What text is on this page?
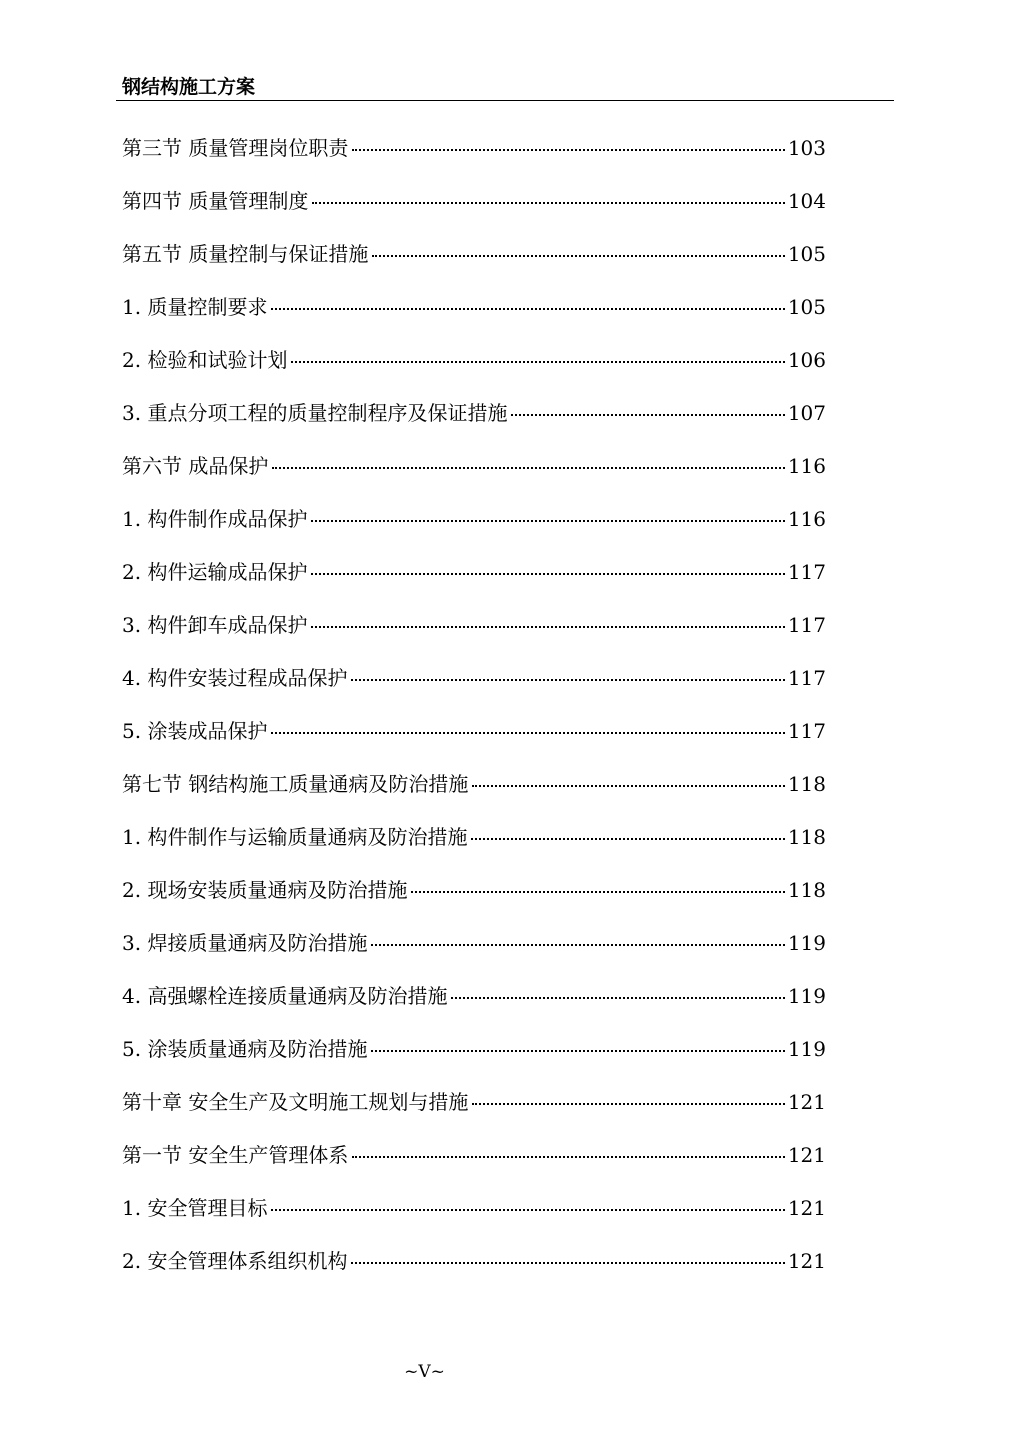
钢结构施工方案
第三节 质量管理岗位职责	103
第四节 质量管理制度	104
第五节 质量控制与保证措施	105
1. 质量控制要求	105
2. 检验和试验计划	106
3. 重点分项工程的质量控制程序及保证措施	107
第六节 成品保护	116
1. 构件制作成品保护	116
2. 构件运输成品保护	117
3. 构件卸车成品保护	117
4. 构件安装过程成品保护	117
5. 涂装成品保护	117
第七节 钢结构施工质量通病及防治措施	118
1. 构件制作与运输质量通病及防治措施	118
2. 现场安装质量通病及防治措施	118
3. 焊接质量通病及防治措施	119
4. 高强螺栓连接质量通病及防治措施	119
5. 涂装质量通病及防治措施	119
第十章 安全生产及文明施工规划与措施	121
第一节 安全生产管理体系	121
1. 安全管理目标	121
2. 安全管理体系组织机构	121
~V~
